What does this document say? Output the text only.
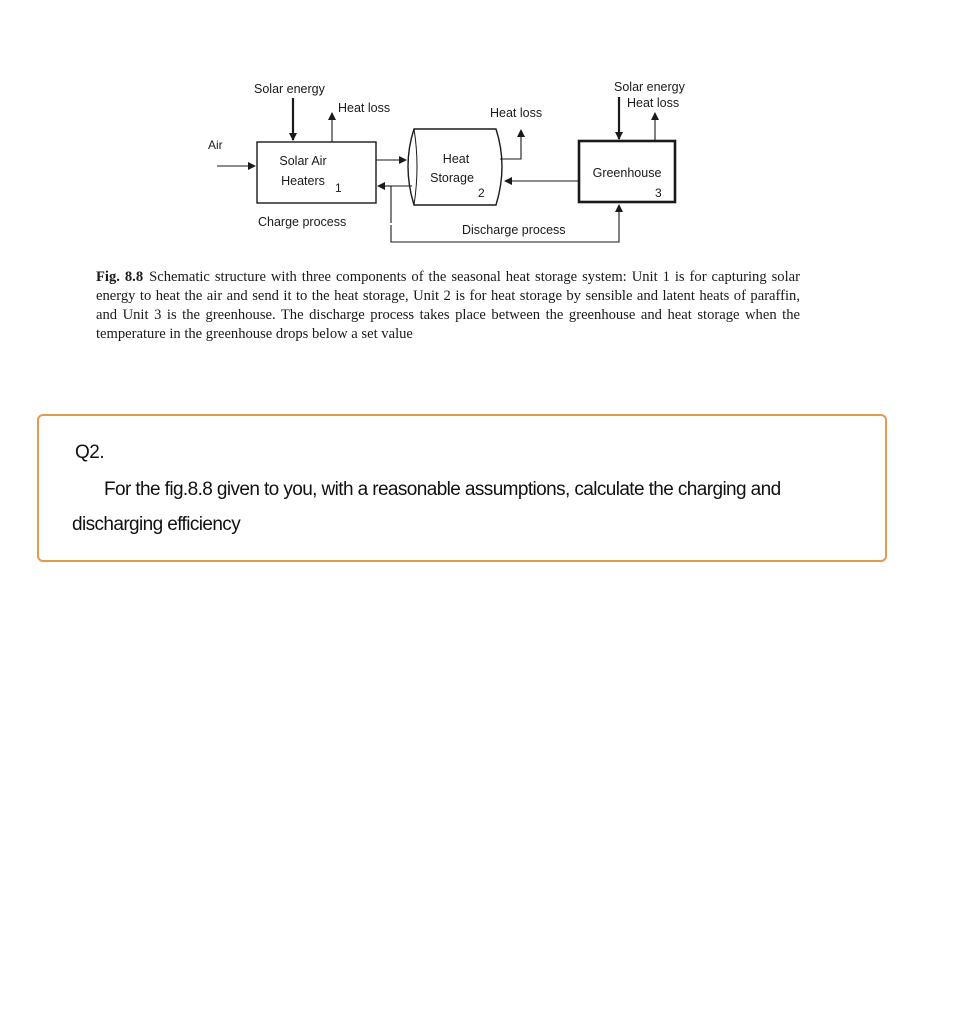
Air
Solar energy	Solar energy
Heat loss	Heat loss
Heat loss
Solar Air
Heaters 1
Heat
Storage
2
Greenhouse
3
Charge process
Discharge process
Fig. 8.8 Schematic structure with three components of the seasonal heat storage system: Unit 1 is for capturing solar energy to heat the air and send it to the heat storage, Unit 2 is for heat storage by sensible and latent heats of paraffin, and Unit 3 is the greenhouse. The discharge process takes place between the greenhouse and heat storage when the temperature in the greenhouse drops below a set value
Q2.
For the fig.8.8 given to you, with a reasonable assumptions, calculate the charging and discharging efficiency
